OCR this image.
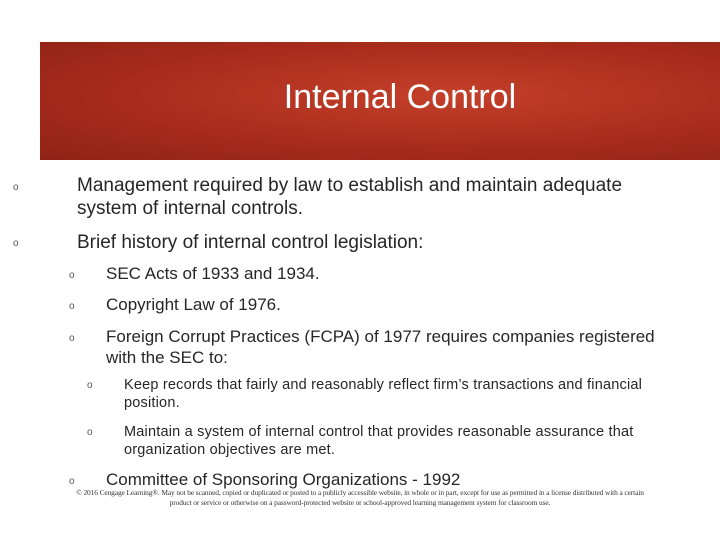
Internal Control
o	Management required by law to establish and maintain adequate system of internal controls.
o	Brief history of internal control legislation:
o SEC Acts of 1933 and 1934.
o Copyright Law of 1976.
o Foreign Corrupt Practices (FCPA) of 1977 requires companies registered with the SEC to:
o Keep records that fairly and reasonably reflect firm’s transactions and financial position.
o Maintain a system of internal control that provides reasonable assurance that organization objectives are met.
o Committee of Sponsoring Organizations - 1992
© 2016 Cengage Learning®. May not be scanned, copied or duplicated or posted to a publicly accessible website, in whole or in part, except for use as permitted in a license distributed with a certain product or service or otherwise on a password-protected website or school-approved learning management system for classroom use.
